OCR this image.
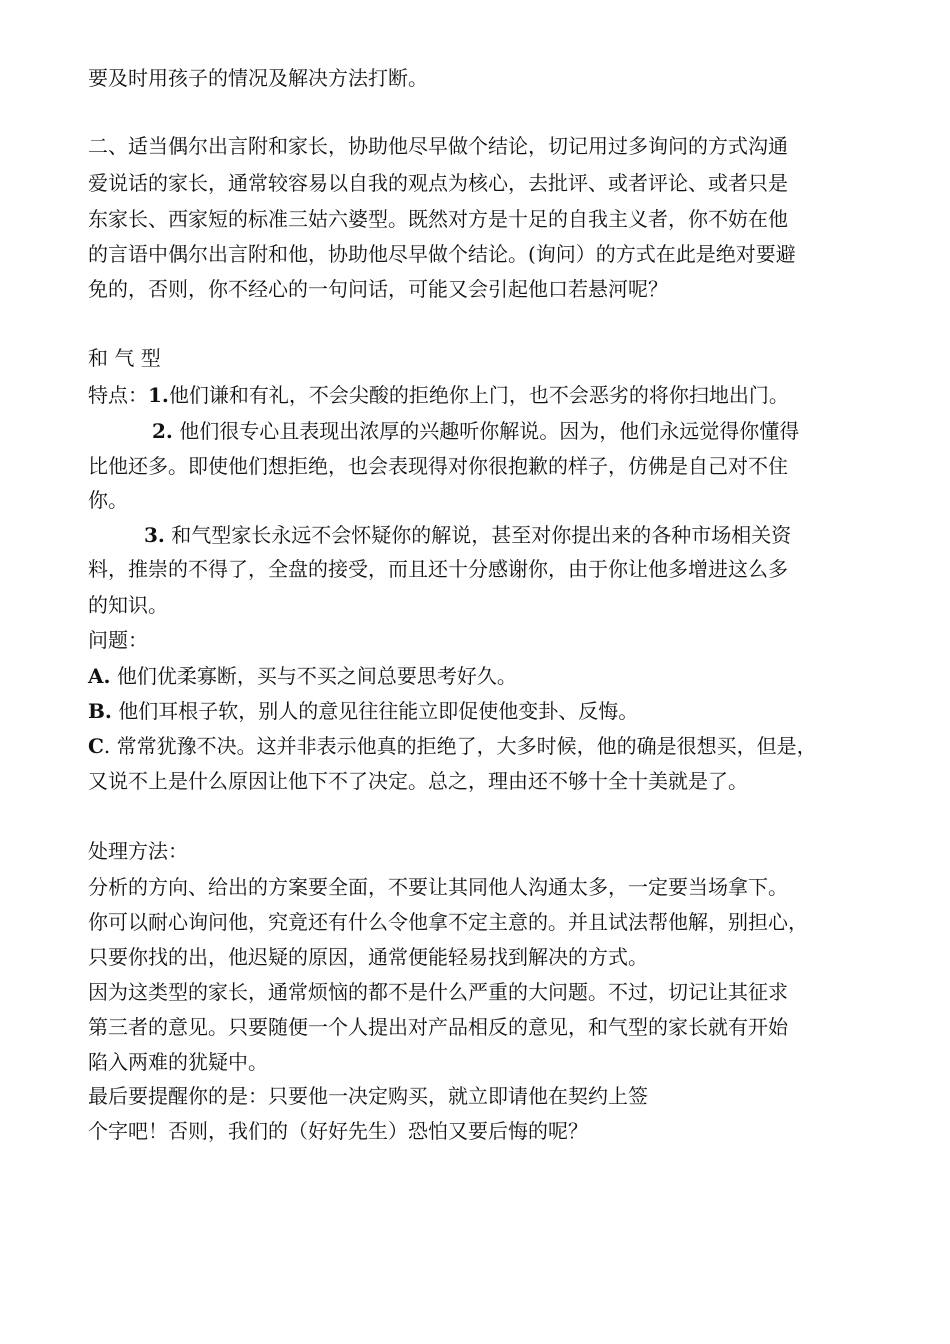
要及时用孩子的情况及解决方法打断。
二、适当偶尔出言附和家长，协助他尽早做个结论，切记用过多询问的方式沟通
爱说话的家长，通常较容易以自我的观点为核心，去批评、或者评论、或者只是
东家长、西家短的标准三姑六婆型。既然对方是十足的自我主义者，你不妨在他
的言语中偶尔出言附和他，协助他尽早做个结论。(询问）的方式在此是绝对要避
免的，否则，你不经心的一句问话，可能又会引起他口若悬河呢？
和 气 型
特点：1.他们谦和有礼，不会尖酸的拒绝你上门，也不会恶劣的将你扫地出门。
2. 他们很专心且表现出浓厚的兴趣听你解说。因为，他们永远觉得你懂得
比他还多。即使他们想拒绝，也会表现得对你很抱歉的样子，仿佛是自己对不住
你。
3. 和气型家长永远不会怀疑你的解说，甚至对你提出来的各种市场相关资
料，推崇的不得了，全盘的接受，而且还十分感谢你，由于你让他多增进这么多
的知识。
问题：
A. 他们优柔寡断，买与不买之间总要思考好久。
B. 他们耳根子软，别人的意见往往能立即促使他变卦、反悔。
C. 常常犹豫不决。这并非表示他真的拒绝了，大多时候，他的确是很想买，但是，
又说不上是什么原因让他下不了决定。总之，理由还不够十全十美就是了。
处理方法：
分析的方向、给出的方案要全面，不要让其同他人沟通太多，一定要当场拿下。
你可以耐心询问他，究竟还有什么令他拿不定主意的。并且试法帮他解，别担心，
只要你找的出，他迟疑的原因，通常便能轻易找到解决的方式。
因为这类型的家长，通常烦恼的都不是什么严重的大问题。不过，切记让其征求
第三者的意见。只要随便一个人提出对产品相反的意见，和气型的家长就有开始
陷入两难的犹疑中。
最后要提醒你的是：只要他一决定购买，就立即请他在契约上签
个字吧！否则，我们的（好好先生）恐怕又要后悔的呢？
